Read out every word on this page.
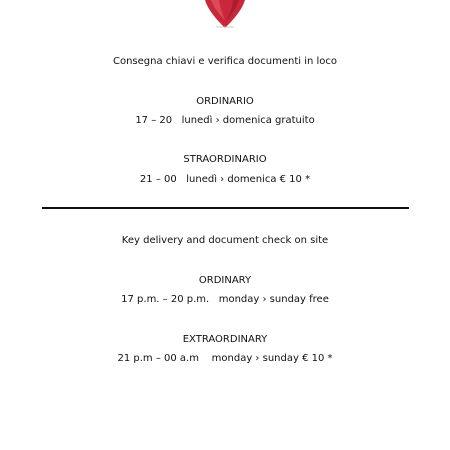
Consegna chiavi e verifica documenti in loco
ORDINARIO
17 – 20   lunedì › domenica gratuito
STRAORDINARIO
21 – 00   lunedì › domenica € 10 *
Key delivery and document check on site
ORDINARY
17 p.m. – 20 p.m.   monday › sunday free
EXTRAORDINARY
21 p.m – 00 a.m    monday › sunday € 10 *
